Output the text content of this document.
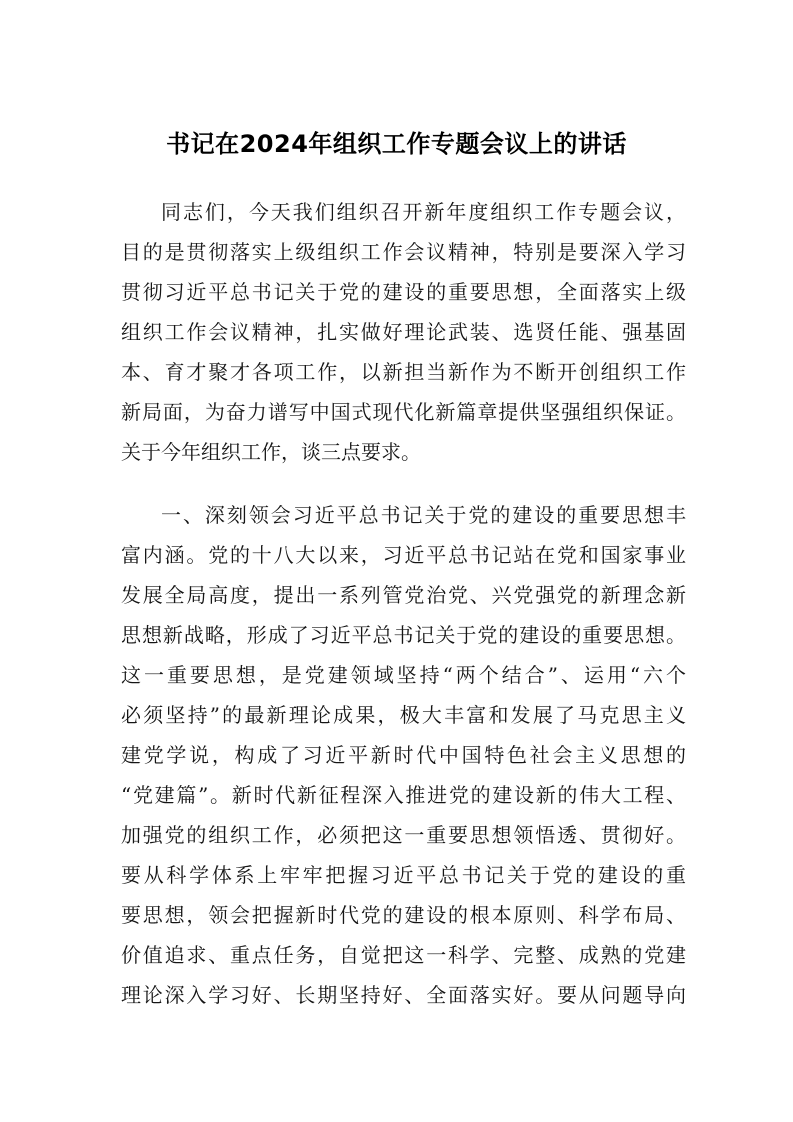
书记在2024年组织工作专题会议上的讲话
同志们，今天我们组织召开新年度组织工作专题会议，
目的是贯彻落实上级组织工作会议精神，特别是要深入学习
贯彻习近平总书记关于党的建设的重要思想，全面落实上级
组织工作会议精神，扎实做好理论武装、选贤任能、强基固
本、育才聚才各项工作，以新担当新作为不断开创组织工作
新局面，为奋力谱写中国式现代化新篇章提供坚强组织保证。
关于今年组织工作，谈三点要求。
一、深刻领会习近平总书记关于党的建设的重要思想丰
富内涵。党的十八大以来，习近平总书记站在党和国家事业
发展全局高度，提出一系列管党治党、兴党强党的新理念新
思想新战略，形成了习近平总书记关于党的建设的重要思想。
这一重要思想，是党建领域坚持“两个结合”、运用“六个
必须坚持”的最新理论成果，极大丰富和发展了马克思主义
建党学说，构成了习近平新时代中国特色社会主义思想的
“党建篇”。新时代新征程深入推进党的建设新的伟大工程、
加强党的组织工作，必须把这一重要思想领悟透、贯彻好。
要从科学体系上牢牢把握习近平总书记关于党的建设的重
要思想，领会把握新时代党的建设的根本原则、科学布局、
价值追求、重点任务，自觉把这一科学、完整、成熟的党建
理论深入学习好、长期坚持好、全面落实好。要从问题导向
